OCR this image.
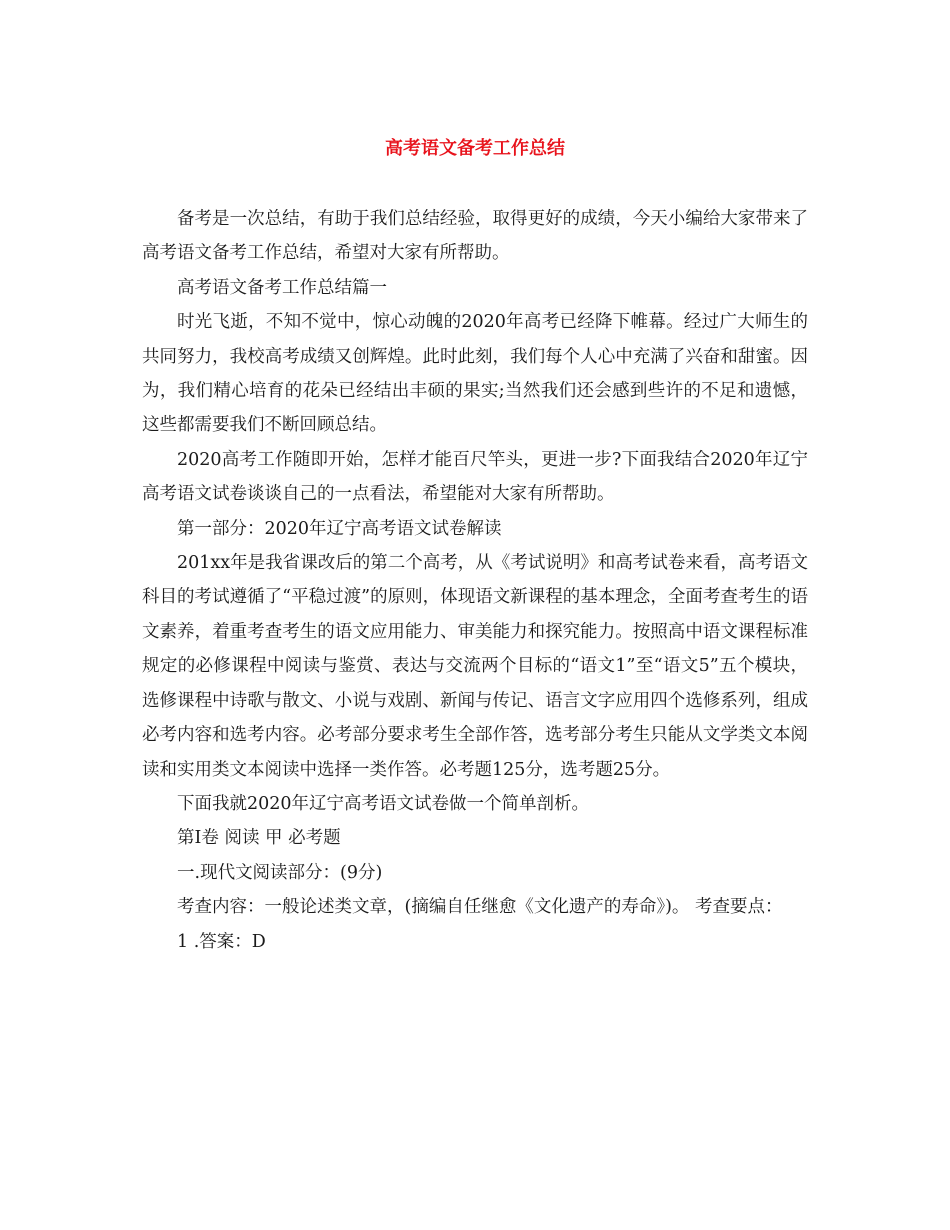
高考语文备考工作总结

备考是一次总结，有助于我们总结经验，取得更好的成绩，今天小编给大家带来了高考语文备考工作总结，希望对大家有所帮助。

高考语文备考工作总结篇一

时光飞逝，不知不觉中，惊心动魄的2020年高考已经降下帷幕。经过广大师生的共同努力，我校高考成绩又创辉煌。此时此刻，我们每个人心中充满了兴奋和甜蜜。因为，我们精心培育的花朵已经结出丰硕的果实;当然我们还会感到些许的不足和遗憾，这些都需要我们不断回顾总结。

2020高考工作随即开始，怎样才能百尺竿头，更进一步?下面我结合2020年辽宁高考语文试卷谈谈自己的一点看法，希望能对大家有所帮助。

第一部分：2020年辽宁高考语文试卷解读

201xx年是我省课改后的第二个高考，从《考试说明》和高考试卷来看，高考语文科目的考试遵循了“平稳过渡”的原则，体现语文新课程的基本理念，全面考查考生的语文素养，着重考查考生的语文应用能力、审美能力和探究能力。按照高中语文课程标准规定的必修课程中阅读与鉴赏、表达与交流两个目标的“语文1”至“语文5”五个模块，选修课程中诗歌与散文、小说与戏剧、新闻与传记、语言文字应用四个选修系列，组成必考内容和选考内容。必考部分要求考生全部作答，选考部分考生只能从文学类文本阅读和实用类文本阅读中选择一类作答。必考题125分，选考题25分。

下面我就2020年辽宁高考语文试卷做一个简单剖析。

第Ⅰ卷 阅读 甲 必考题

一.现代文阅读部分：(9分)

考查内容：一般论述类文章，(摘编自任继愈《文化遗产的寿命》)。 考查要点：

1 .答案：D
